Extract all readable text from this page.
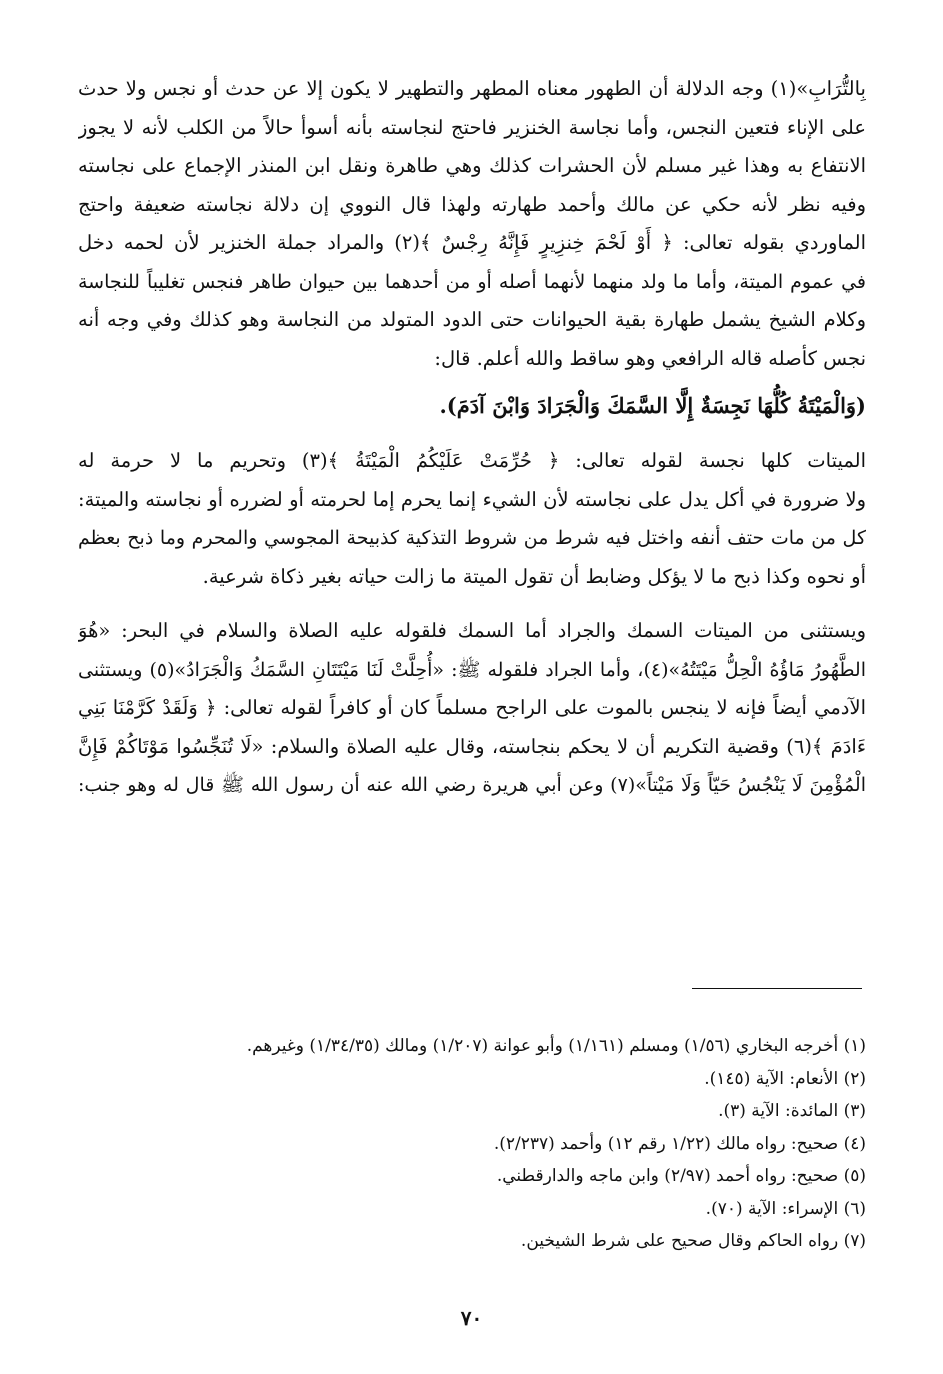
بِالتُّرَابِ»(١) وجه الدلالة أن الطهور معناه المطهر والتطهير لا يكون إلا عن حدث أو نجس ولا حدث
على الإناء فتعين النجس، وأما نجاسة الخنزير فاحتج لنجاسته بأنه أسوأ حالاً من الكلب لأنه لا يجوز
الانتفاع به وهذا غير مسلم لأن الحشرات كذلك وهي طاهرة ونقل ابن المنذر الإجماع على نجاسته
وفيه نظر لأنه حكي عن مالك وأحمد طهارته ولهذا قال النووي إن دلالة نجاسته ضعيفة واحتج
الماوردي بقوله تعالى: ﴿ أَوْ لَحْمَ خِنزِيرٍ فَإِنَّهُ رِجْسٌ ﴾(٢) والمراد جملة الخنزير لأن لحمه دخل
في عموم الميتة، وأما ما ولد منهما لأنهما أصله أو من أحدهما بين حيوان طاهر فنجس تغليباً للنجاسة
وكلام الشيخ يشمل طهارة بقية الحيوانات حتى الدود المتولد من النجاسة وهو كذلك وفي وجه أنه
نجس كأصله قاله الرافعي وهو ساقط والله أعلم. قال:
(وَالْمَيْتَةُ كُلُّهَا نَجِسَةٌ إِلَّا السَّمَكَ وَالْجَرَادَ وَابْنَ آدَمَ).
الميتات كلها نجسة لقوله تعالى: ﴿ حُرِّمَتْ عَلَيْكُمُ الْمَيْتَةُ ﴾(٣) وتحريم ما لا حرمة له
ولا ضرورة في أكل يدل على نجاسته لأن الشيء إنما يحرم إما لحرمته أو لضرره أو نجاسته والميتة:
كل من مات حتف أنفه واختل فيه شرط من شروط التذكية كذبيحة المجوسي والمحرم وما ذبح بعظم
أو نحوه وكذا ذبح ما لا يؤكل وضابط أن تقول الميتة ما زالت حياته بغير ذكاة شرعية.
ويستثنى من الميتات السمك والجراد أما السمك فلقوله عليه الصلاة والسلام في البحر: «هُوَ
الطَّهُورُ مَاؤُهُ الْحِلُّ مَيْتَتُهُ»(٤)، وأما الجراد فلقوله ﷺ: «أُحِلَّتْ لَنَا مَيْتَتَانِ السَّمَكُ وَالْجَرَادُ»(٥) ويستثنى
الآدمي أيضاً فإنه لا ينجس بالموت على الراجح مسلماً كان أو كافراً لقوله تعالى: ﴿ وَلَقَدْ كَرَّمْنَا بَنِي
ءَادَمَ ﴾(٦) وقضية التكريم أن لا يحكم بنجاسته، وقال عليه الصلاة والسلام: «لَا تُنَجِّسُوا مَوْتَاكُمْ فَإِنَّ
الْمُؤْمِنَ لَا يَنْجُسُ حَيّاً وَلَا مَيْتاً»(٧) وعن أبي هريرة رضي الله عنه أن رسول الله ﷺ قال له وهو جنب:
(١) أخرجه البخاري (١/٥٦) ومسلم (١/١٦١) وأبو عوانة (١/٢٠٧) ومالك (١/٣٤/٣٥) وغيرهم.
(٢) الأنعام: الآية (١٤٥).
(٣) المائدة: الآية (٣).
(٤) صحيح: رواه مالك (١/٢٢ رقم ١٢) وأحمد (٢/٢٣٧).
(٥) صحيح: رواه أحمد (٢/٩٧) وابن ماجه والدارقطني.
(٦) الإسراء: الآية (٧٠).
(٧) رواه الحاكم وقال صحيح على شرط الشيخين.
٧٠
